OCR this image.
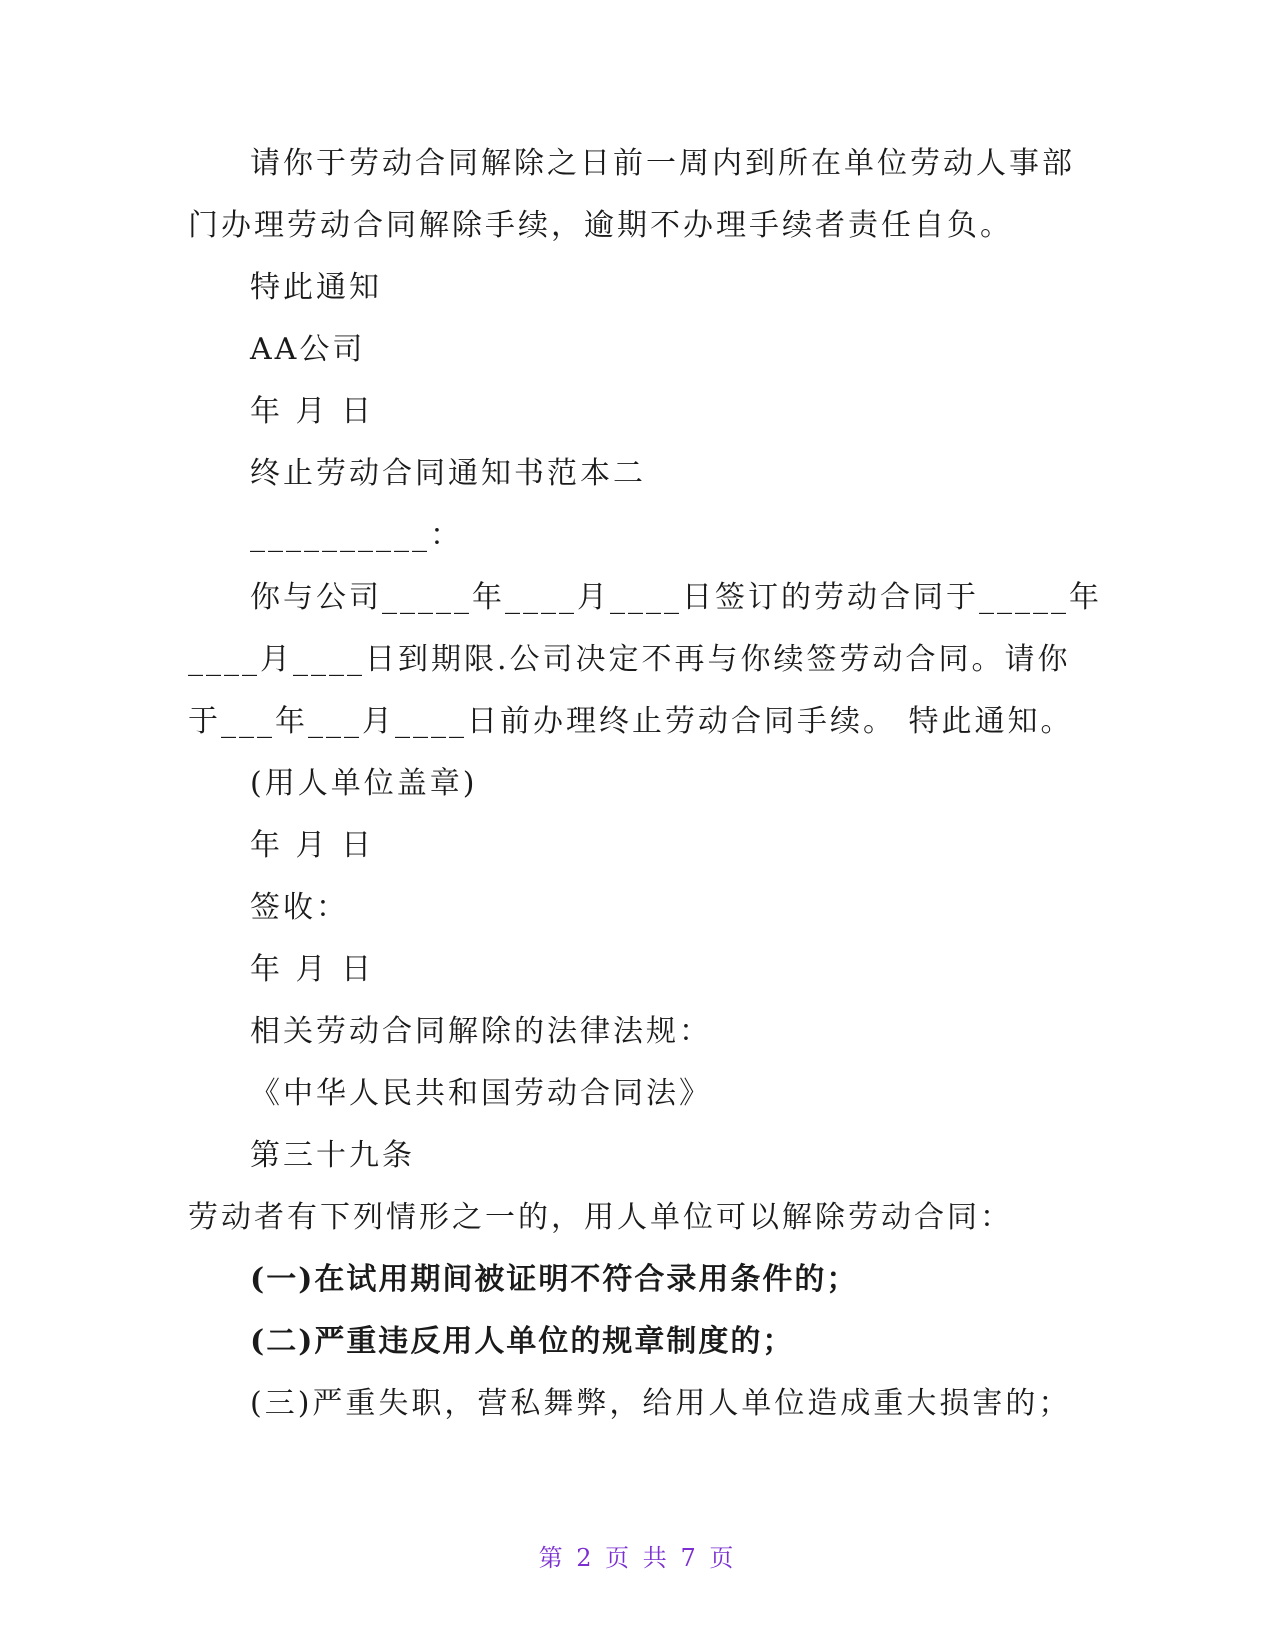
请你于劳动合同解除之日前一周内到所在单位劳动人事部
门办理劳动合同解除手续，逾期不办理手续者责任自负。
特此通知
AA公司
年 月 日
终止劳动合同通知书范本二
__________：
你与公司_____年____月____日签订的劳动合同于_____年
____月____日到期限.公司决定不再与你续签劳动合同。请你
于___年___月____日前办理终止劳动合同手续。 特此通知。
(用人单位盖章)
年 月 日
签收：
年 月 日
相关劳动合同解除的法律法规：
《中华人民共和国劳动合同法》
第三十九条
劳动者有下列情形之一的，用人单位可以解除劳动合同：
(一)在试用期间被证明不符合录用条件的；
(二)严重违反用人单位的规章制度的；
(三)严重失职，营私舞弊，给用人单位造成重大损害的；
第 2 页 共 7 页
